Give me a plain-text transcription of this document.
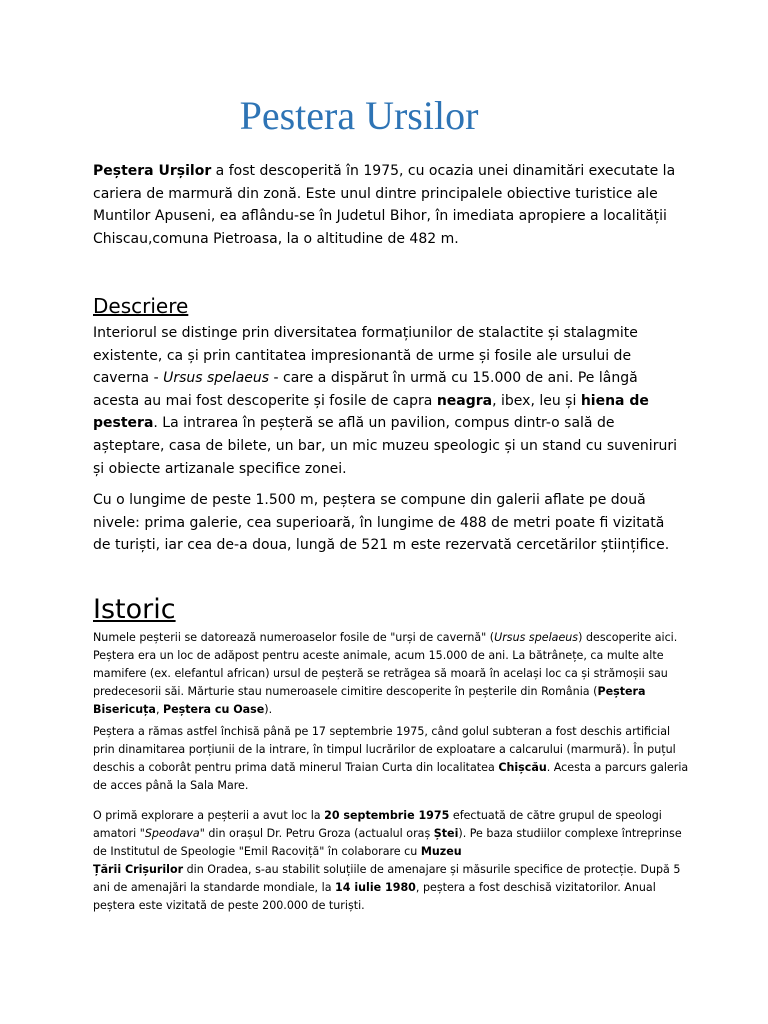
Pestera Ursilor

Peștera Urșilor a fost descoperită în 1975, cu ocazia unei dinamitări executate la cariera de marmură din zonă. Este unul dintre principalele obiective turistice ale Muntilor Apuseni, ea aflându-se în Judetul Bihor, în imediata apropiere a localității Chiscau,comuna Pietroasa, la o altitudine de 482 m.

Descriere

Interiorul se distinge prin diversitatea formațiunilor de stalactite și stalagmite existente, ca și prin cantitatea impresionantă de urme și fosile ale ursului de caverna - Ursus spelaeus - care a dispărut în urmă cu 15.000 de ani. Pe lângă acesta au mai fost descoperite și fosile de capra neagra, ibex, leu și hiena de pestera. La intrarea în peșteră se află un pavilion, compus dintr-o sală de așteptare, casa de bilete, un bar, un mic muzeu speologic și un stand cu suveniruri și obiecte artizanale specifice zonei.

Cu o lungime de peste 1.500 m, peștera se compune din galerii aflate pe două nivele: prima galerie, cea superioară, în lungime de 488 de metri poate fi vizitată de turiști, iar cea de-a doua, lungă de 521 m este rezervată cercetărilor științifice.

Istoric

Numele peșterii se datorează numeroaselor fosile de "urși de cavernă" (Ursus spelaeus) descoperite aici. Peștera era un loc de adăpost pentru aceste animale, acum 15.000 de ani. La bătrânețe, ca multe alte mamifere (ex. elefantul african) ursul de peșteră se retrăgea să moară în același loc ca și strămoșii sau predecesorii săi. Mărturie stau numeroasele cimitire descoperite în peșterile din România (Peștera Bisericuța, Peștera cu Oase).

Peștera a rămas astfel închisă până pe 17 septembrie 1975, când golul subteran a fost deschis artificial prin dinamitarea porțiunii de la intrare, în timpul lucrărilor de exploatare a calcarului (marmură). În puțul deschis a coborât pentru prima dată minerul Traian Curta din localitatea Chișcău. Acesta a parcurs galeria de acces până la Sala Mare.

O primă explorare a peșterii a avut loc la 20 septembrie 1975 efectuată de către grupul de speologi amatori "Speodava" din orașul Dr. Petru Groza (actualul oraș Ștei). Pe baza studiilor complexe întreprinse de Institutul de Speologie "Emil Racoviță" în colaborare cu Muzeu
Țării Crișurilor din Oradea, s-au stabilit soluțiile de amenajare și măsurile specifice de protecție. După 5 ani de amenajări la standarde mondiale, la 14 iulie 1980, peștera a fost deschisă vizitatorilor. Anual peștera este vizitată de peste 200.000 de turiști.
